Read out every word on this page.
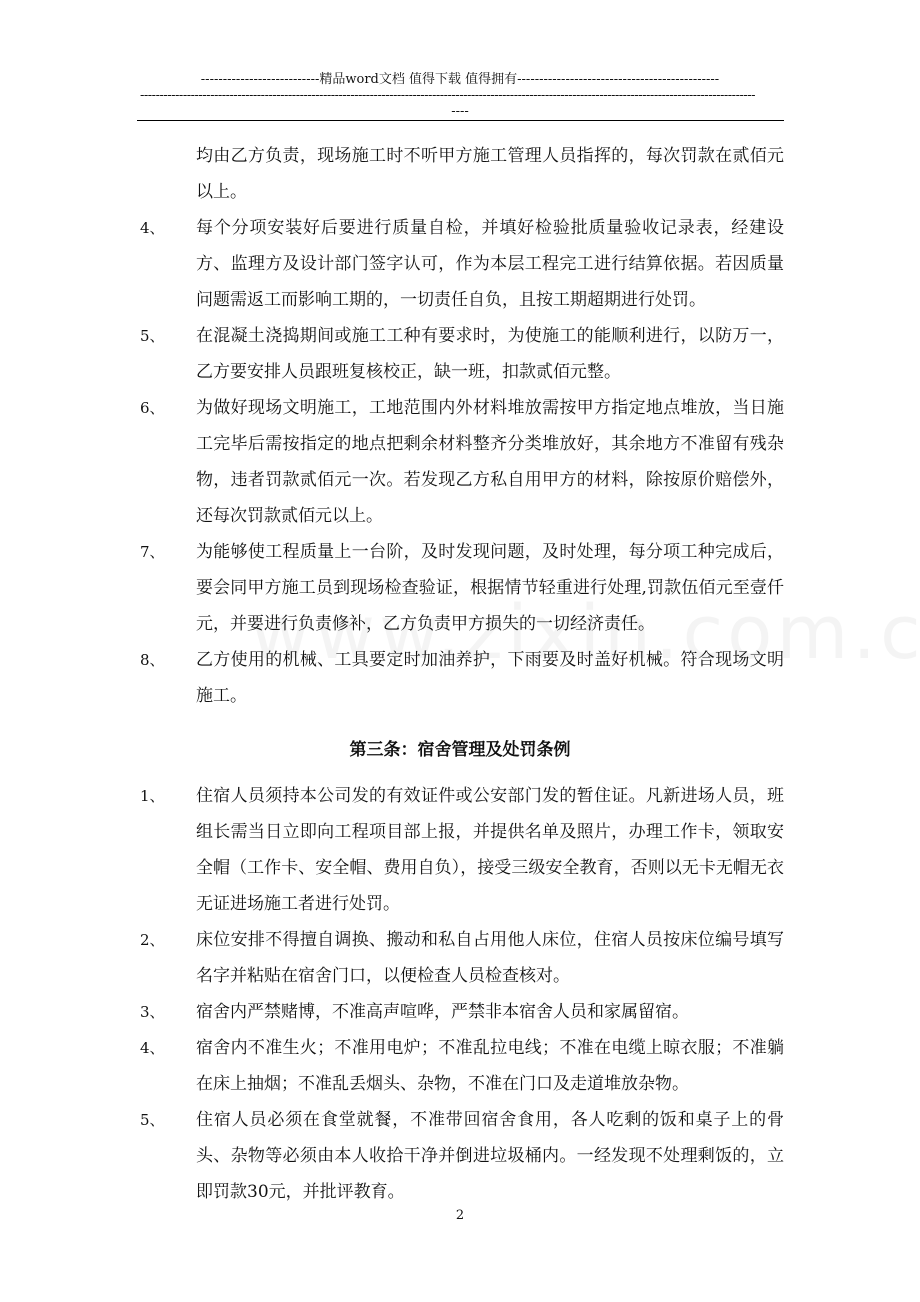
---------------------------精品word文档 值得下载 值得拥有----------------------------------------------
--------------------------------------------------------------------------------------------------------------------------------------------------------------
----
均由乙方负责，现场施工时不听甲方施工管理人员指挥的，每次罚款在贰佰元以上。
4、 每个分项安装好后要进行质量自检，并填好检验批质量验收记录表，经建设方、监理方及设计部门签字认可，作为本层工程完工进行结算依据。若因质量问题需返工而影响工期的，一切责任自负，且按工期超期进行处罚。
5、 在混凝土浇捣期间或施工工种有要求时，为使施工的能顺利进行，以防万一，乙方要安排人员跟班复核校正，缺一班，扣款贰佰元整。
6、 为做好现场文明施工，工地范围内外材料堆放需按甲方指定地点堆放，当日施工完毕后需按指定的地点把剩余材料整齐分类堆放好，其余地方不准留有残杂物，违者罚款贰佰元一次。若发现乙方私自用甲方的材料，除按原价赔偿外，还每次罚款贰佰元以上。
7、 为能够使工程质量上一台阶，及时发现问题，及时处理，每分项工种完成后，要会同甲方施工员到现场检查验证，根据情节轻重进行处理,罚款伍佰元至壹仟元，并要进行负责修补，乙方负责甲方损失的一切经济责任。
8、 乙方使用的机械、工具要定时加油养护，下雨要及时盖好机械。符合现场文明施工。
第三条：宿舍管理及处罚条例
1、 住宿人员须持本公司发的有效证件或公安部门发的暂住证。凡新进场人员，班组长需当日立即向工程项目部上报，并提供名单及照片，办理工作卡，领取安全帽（工作卡、安全帽、费用自负），接受三级安全教育，否则以无卡无帽无衣无证进场施工者进行处罚。
2、 床位安排不得擅自调换、搬动和私自占用他人床位，住宿人员按床位编号填写名字并粘贴在宿舍门口，以便检查人员检查核对。
3、 宿舍内严禁赌博，不准高声喧哗，严禁非本宿舍人员和家属留宿。
4、 宿舍内不准生火；不准用电炉；不准乱拉电线；不准在电缆上晾衣服；不准躺在床上抽烟；不准乱丢烟头、杂物，不准在门口及走道堆放杂物。
5、 住宿人员必须在食堂就餐，不准带回宿舍食用，各人吃剩的饭和桌子上的骨头、杂物等必须由本人收拾干净并倒进垃圾桶内。一经发现不处理剩饭的，立即罚款30元，并批评教育。
2
